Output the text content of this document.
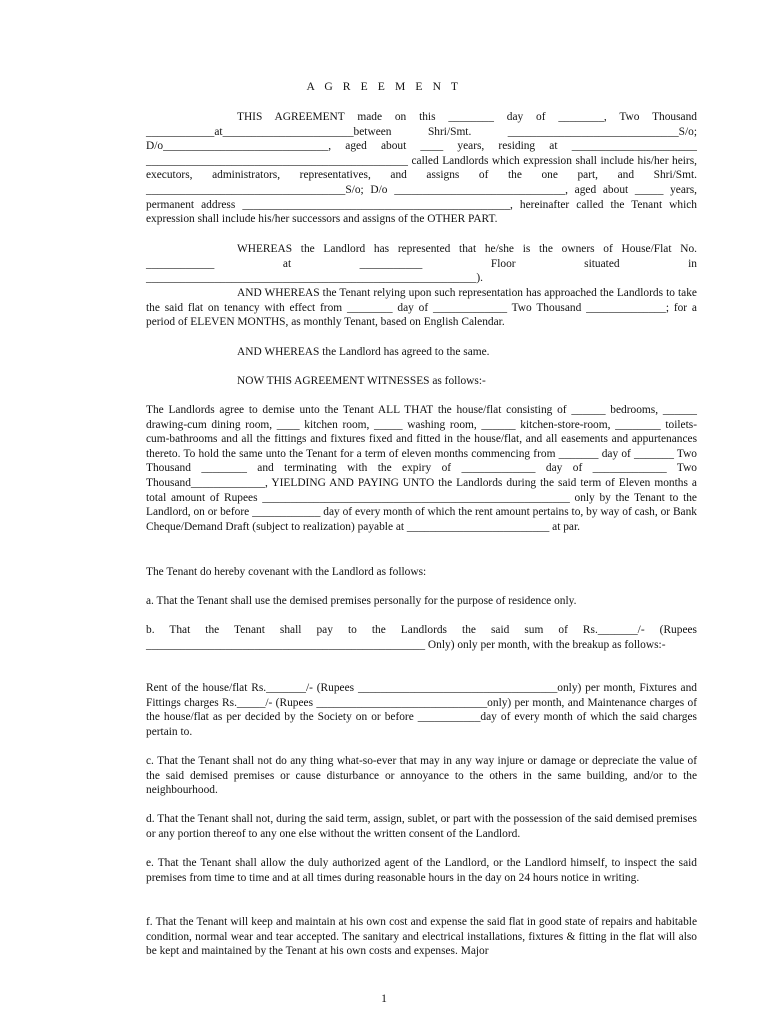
A G R E E M E N T
THIS AGREEMENT made on this ________ day of ________, Two Thousand ____________at_______________________between Shri/Smt. ______________________________S/o; D/o_____________________________, aged about ____ years, residing at ______________________ ______________________________________________ called Landlords which expression shall include his/her heirs, executors, administrators, representatives, and assigns of the one part, and Shri/Smt. ___________________________________S/o; D/o ______________________________, aged about _____ years, permanent address _______________________________________________, hereinafter called the Tenant which expression shall include his/her successors and assigns of the OTHER PART.
WHEREAS the Landlord has represented that he/she is the owners of House/Flat No. ____________ at ___________ Floor situated in __________________________________________________________).
AND WHEREAS the Tenant relying upon such representation has approached the Landlords to take the said flat on tenancy with effect from ________ day of _____________ Two Thousand ______________; for a period of ELEVEN MONTHS, as monthly Tenant, based on English Calendar.
AND WHEREAS the Landlord has agreed to the same.
NOW THIS AGREEMENT WITNESSES as follows:-
The Landlords agree to demise unto the Tenant ALL THAT the house/flat consisting of ______ bedrooms, ______ drawing-cum dining room, ____ kitchen room, _____ washing room, ______ kitchen-store-room, ________ toilets-cum-bathrooms and all the fittings and fixtures fixed and fitted in the house/flat, and all easements and appurtenances thereto. To hold the same unto the Tenant for a term of eleven months commencing from _______ day of _______ Two Thousand ________ and terminating with the expiry of _____________ day of _____________ Two Thousand_____________, YIELDING AND PAYING UNTO the Landlords during the said term of Eleven months a total amount of Rupees ______________________________________________________ only by the Tenant to the Landlord, on or before ____________ day of every month of which the rent amount pertains to, by way of cash, or Bank Cheque/Demand Draft (subject to realization) payable at _________________________ at par.
The Tenant do hereby covenant with the Landlord as follows:
a. That the Tenant shall use the demised premises personally for the purpose of residence only.
b. That the Tenant shall pay to the Landlords the said sum of Rs._______/- (Rupees _________________________________________________ Only) only per month, with the breakup as follows:-
Rent of the house/flat Rs._______/- (Rupees ___________________________________only) per month, Fixtures and Fittings charges Rs._____/- (Rupees ______________________________only) per month, and Maintenance charges of the house/flat as per decided by the Society on or before ___________day of every month of which the said charges pertain to.
c. That the Tenant shall not do any thing what-so-ever that may in any way injure or damage or depreciate the value of the said demised premises or cause disturbance or annoyance to the others in the same building, and/or to the neighbourhood.
d. That the Tenant shall not, during the said term, assign, sublet, or part with the possession of the said demised premises or any portion thereof to any one else without the written consent of the Landlord.
e. That the Tenant shall allow the duly authorized agent of the Landlord, or the Landlord himself, to inspect the said premises from time to time and at all times during reasonable hours in the day on 24 hours notice in writing.
f. That the Tenant will keep and maintain at his own cost and expense the said flat in good state of repairs and habitable condition, normal wear and tear accepted. The sanitary and electrical installations, fixtures & fitting in the flat will also be kept and maintained by the Tenant at his own costs and expenses. Major
1
